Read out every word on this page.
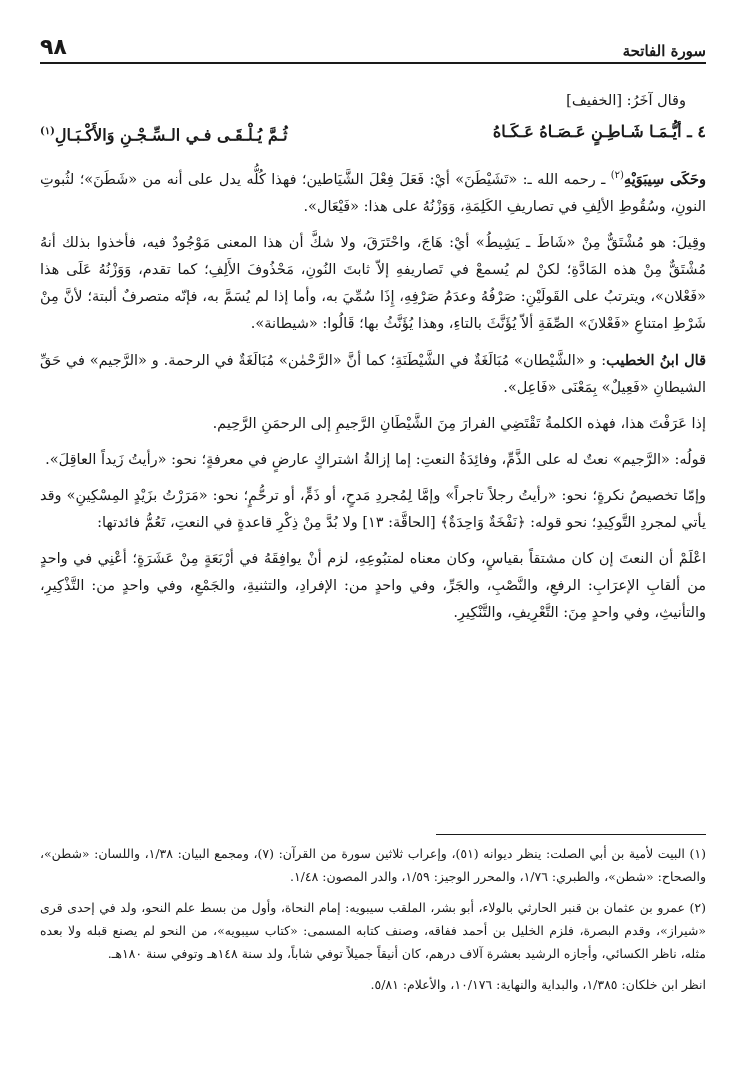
سورة الفاتحة
٩٨

وقال آخَرُ: [الخفيف]

٤ ـ أيُّـمَـا شَـاطِـنٍ عَـصَـاهُ عَـكَـاهُ
ثُـمَّ يُـلْـقَـى فـي الـسِّـجْـنِ وَالأَكْـبَـالِ$^{(١)}$

وحَكَى سِيبَوَيْهِ$^{(٢)}$ ـ رحمه الله ـ: «تَشَيْطَنَ» أيْ: فَعَلَ فِعْلَ الشَّيَاطين؛ فهذا كُلُّه يدل على أنه من «شَطَنَ»؛ لثُبوتِ النونِ، وسُقُوطِ الألِفِ في تصاريفِ الكَلِمَةِ، وَوَزْنُهُ على هذا: «فَيْعَال».

وقِيلَ: هو مُشْتَقٌّ مِنْ «شَاطَ ـ يَشِيطُ» أيْ: هَاجَ، واحْتَرَقَ، ولا شكَّ أن هذا المعنى مَوْجُودٌ فيه، فأخذوا بذلك أنهُ مُشْتَقٌّ مِنْ هذه المَادَّةِ؛ لكنْ لم يُسمعْ في تَصاريفهِ إلاّ ثابتَ النُونِ، مَحْذُوفَ الأَلِفِ؛ كما تقدم، وَوَزْنُهُ عَلَى هذا «فَعْلان»، ويترتبُ على القَولَيْنِ: صَرْفُهُ وعدَمُ صَرْفِهِ، إِذَا سُمِّيَ به، وأما إذا لم يُسَمَّ به، فإنّه متصرفٌ ألبتة؛ لأنَّ مِنْ شَرْطِ امتناعِ «فَعْلانَ» الصِّفَةِ ألاّ يُؤَنَّثَ بالتاءِ، وهذا يُؤَنَّثُ بها؛ قَالُوا: «شيطانة».

قال ابنُ الخطيب: و «الشَّيْطان» مُبَالَغَةٌ في الشَّيْطَنَةِ؛ كما أنَّ «الرَّحْمٰن» مُبَالَغَةٌ في الرحمة. و «الرَّجيم» في حَقِّ الشيطانِ «فَعِيلٌ» بِمَعْنَى «فَاعِل».

إذا عَرَفْتَ هذا، فهذه الكلمةُ تَقْتَضِي الفرارَ مِنَ الشَّيْطَانِ الرَّجيمِ إلى الرحمَنِ الرَّحِيم.

قولُه: «الرَّجيم» نعتٌ له على الذَّمِّ، وفائِدَةُ النعتِ: إما إزالةُ اشتراكٍ عارضٍ في معرفةٍ؛ نحو: «رأيتُ زَيداً العاقِلَ».

وإمّا تخصيصُ نكرةٍ؛ نحو: «رأيتُ رجلاً تاجراً» وإمَّا لِمُجردِ مَدحٍ، أو ذَمٍّ، أو ترحُّمٍ؛ نحو: «مَرَرْتُ بزَيْدٍ المِسْكِينِ» وقد يأتي لمجردِ التَّوكِيدِ؛ نحو قوله: ﴿نَفْخَةٌ وَاحِدَةٌ﴾ [الحاقَّة: ١٣] ولا بُدَّ مِنْ ذِكْرِ قاعدةٍ في النعتِ، تَعُمُّ فائدتها:

اعْلَمْ أن النعتَ إن كان مشتقاً بقياسٍ، وكان معناه لمتبُوعِهِ، لزم أنْ يوافِقَهُ في أرْبَعَةٍ مِنْ عَشَرَةٍ؛ أعْنِي في واحدٍ من ألقابِ الإعرَابِ: الرفعِ، والنَّصْبِ، والجَرِّ، وفي واحدٍ من: الإفرادِ، والتثنيةِ، والجَمْعِ، وفي واحدٍ من: التَّذْكِيرِ، والتأنيثِ، وفي واحدٍ مِنَ: التَّعْرِيفِ، والتَّنْكِيرِ.

(١) البيت لأمية بن أبي الصلت: ينظر ديوانه (٥١)، وإعراب ثلاثين سورة من القرآن: (٧)، ومجمع البيان: ١/٣٨، واللسان: «شطن»، والصحاح: «شطن»، والطبري: ١/٧٦، والمحرر الوجيز: ١/٥٩، والدر المصون: ١/٤٨.

(٢) عمرو بن عثمان بن قنبر الحارثي بالولاء، أبو بشر، الملقب سيبويه: إمام النحاة، وأول من بسط علم النحو، ولد في إحدى قرى «شيراز»، وقدم البصرة، فلزم الخليل بن أحمد ففاقه، وصنف كتابه المسمى: «كتاب سيبويه»، من النحو لم يصنع قبله ولا بعده مثله، ناظر الكسائي، وأجازه الرشيد بعشرة آلاف درهم، كان أنيقاً جميلاً توفي شاباً، ولد سنة ١٤٨هـ وتوفي سنة ١٨٠هـ.

انظر ابن خلكان: ١/٣٨٥، والبداية والنهاية: ١٠/١٧٦، والأعلام: ٥/٨١.
